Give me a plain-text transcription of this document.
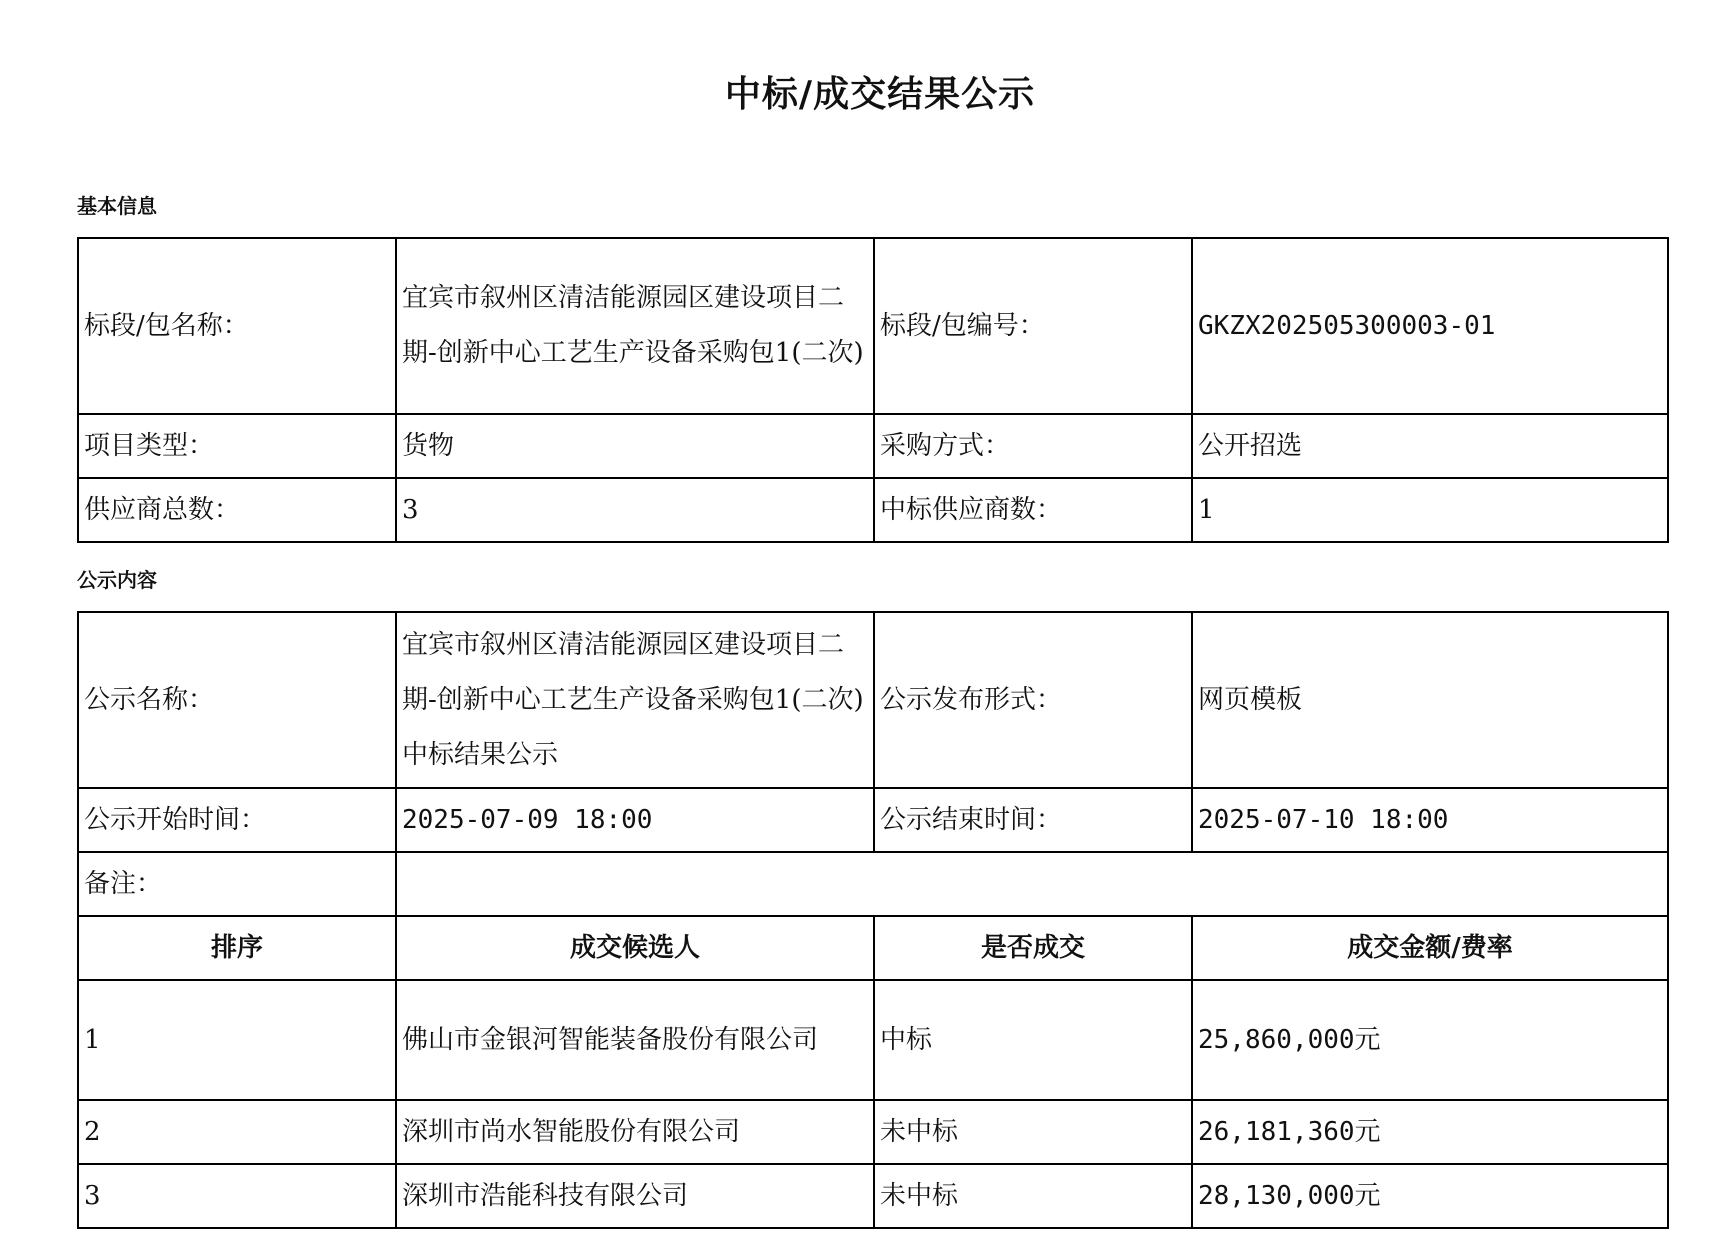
中标/成交结果公示
基本信息
标段/包名称：	宜宾市叙州区清洁能源园区建设项目二期-创新中心工艺生产设备采购包1(二次)	标段/包编号：	GKZX202505300003-01
项目类型：	货物	采购方式：	公开招选
供应商总数：	3	中标供应商数：	1
公示内容
公示名称：	宜宾市叙州区清洁能源园区建设项目二期-创新中心工艺生产设备采购包1(二次)中标结果公示	公示发布形式：	网页模板
公示开始时间：	2025-07-09 18:00	公示结束时间：	2025-07-10 18:00
备注：			
排序	成交候选人	是否成交	成交金额/费率
1	佛山市金银河智能装备股份有限公司	中标	25,860,000元
2	深圳市尚水智能股份有限公司	未中标	26,181,360元
3	深圳市浩能科技有限公司	未中标	28,130,000元
